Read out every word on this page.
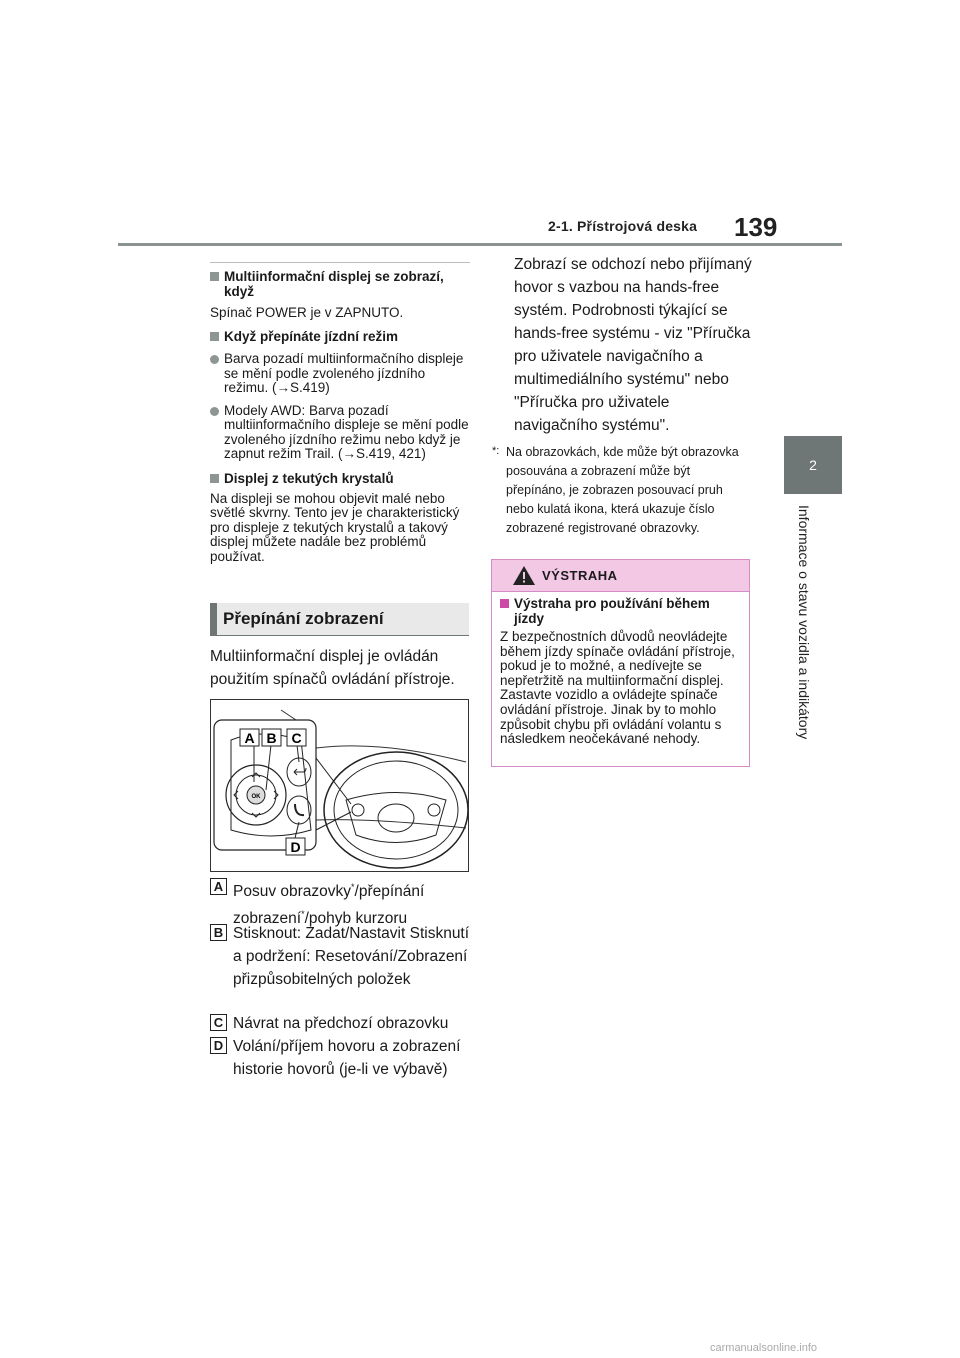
2-1. Přístrojová deska 139
2
Informace o stavu vozidla a indikátory
Multiinformační displej se zobrazí, když
Spínač POWER je v ZAPNUTO.
Když přepínáte jízdní režim
Barva pozadí multiinformačního displeje se mění podle zvoleného jízdního režimu. (→S.419)
Modely AWD: Barva pozadí multiinformačního displeje se mění podle zvoleného jízdního režimu nebo když je zapnut režim Trail. (→S.419, 421)
Displej z tekutých krystalů
Na displeji se mohou objevit malé nebo světlé skvrny. Tento jev je charakteristický pro displeje z tekutých krystalů a takový displej můžete nadále bez problémů používat.
Přepínání zobrazení
Multiinformační displej je ovládán použitím spínačů ovládání přístroje.
OK
A B C
D
A Posuv obrazovky*/přepínání zobrazení*/pohyb kurzoru
B Stisknout: Zadat/Nastavit Stisknutí a podržení: Resetování/Zobrazení přizpůsobitelných položek
C Návrat na předchozí obrazovku
D Volání/příjem hovoru a zobrazení historie hovorů (je-li ve výbavě)
Zobrazí se odchozí nebo přijímaný hovor s vazbou na hands-free systém. Podrobnosti týkající se hands-free systému - viz "Příručka pro uživatele navigačního a multimediálního systému" nebo "Příručka pro uživatele navigačního systému".
*: Na obrazovkách, kde může být obrazovka posouvána a zobrazení může být přepínáno, je zobrazen posouvací pruh nebo kulatá ikona, která ukazuje číslo zobrazené registrované obrazovky.
VÝSTRAHA
Výstraha pro používání během jízdy
Z bezpečnostních důvodů neovládejte během jízdy spínače ovládání přístroje, pokud je to možné, a nedívejte se nepřetržitě na multiinformační displej. Zastavte vozidlo a ovládejte spínače ovládání přístroje. Jinak by to mohlo způsobit chybu při ovládání volantu s následkem neočekávané nehody.
carmanualsonline.info
